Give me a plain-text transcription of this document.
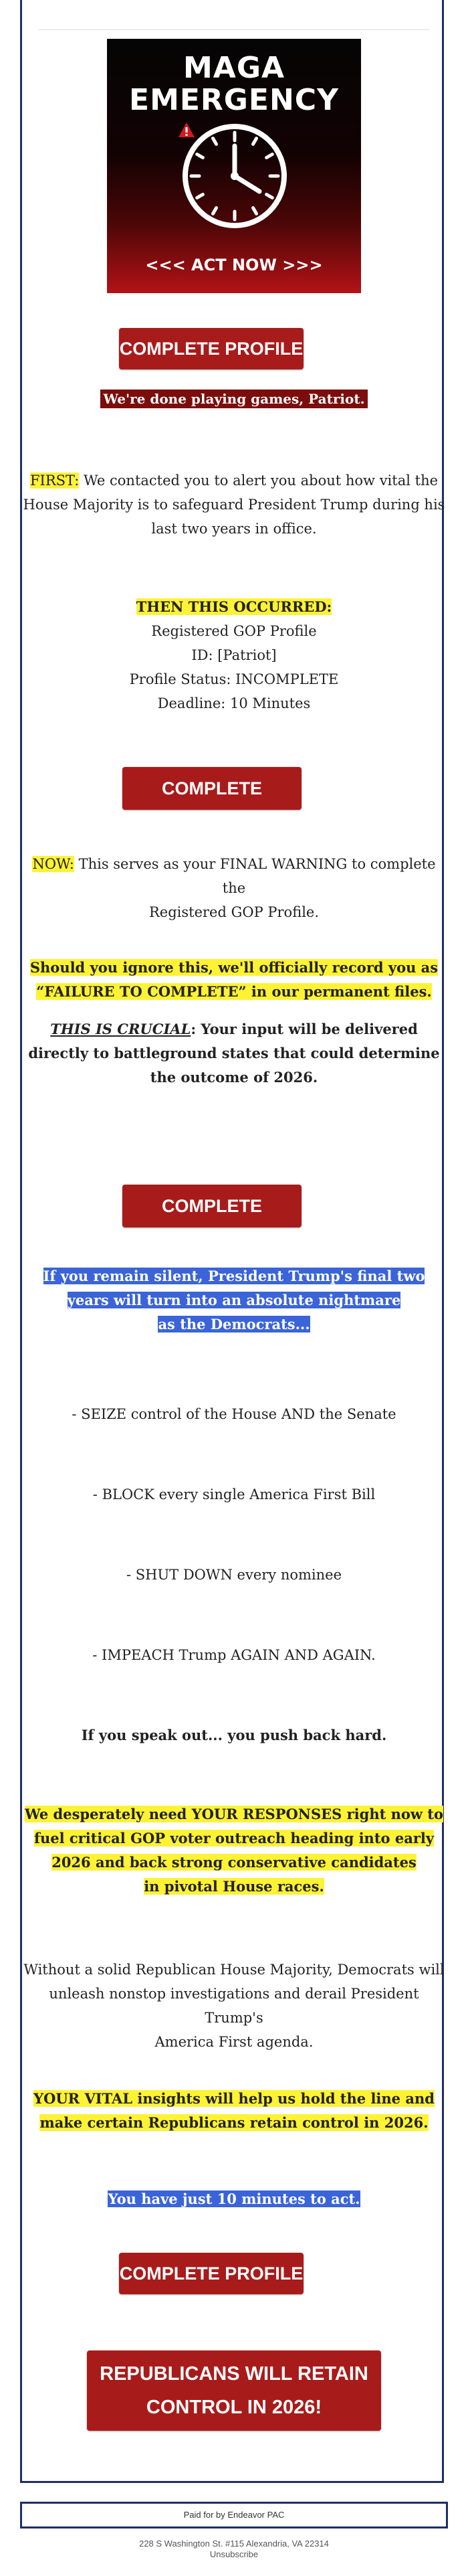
MAGA
EMERGENCY
<<< ACT NOW >>>
COMPLETE PROFILE
We're done playing games, Patriot.
FIRST: We contacted you to alert you about how vital the
House Majority is to safeguard President Trump during his
last two years in office.
THEN THIS OCCURRED:
Registered GOP Profile
ID: [Patriot]
Profile Status: INCOMPLETE
Deadline: 10 Minutes
COMPLETE PROFILE
NOW: This serves as your FINAL WARNING to complete the
Registered GOP Profile.
Should you ignore this, we'll officially record you as
“FAILURE TO COMPLETE” in our permanent files.
THIS IS CRUCIAL: Your input will be delivered
directly to battleground states that could determine
the outcome of 2026.
COMPLETE PROFILE
If you remain silent, President Trump's final two
years will turn into an absolute nightmare
as the Democrats...
- SEIZE control of the House AND the Senate
- BLOCK every single America First Bill
- SHUT DOWN every nominee
- IMPEACH Trump AGAIN AND AGAIN.
If you speak out... you push back hard.
We desperately need YOUR RESPONSES right now to
fuel critical GOP voter outreach heading into early
2026 and back strong conservative candidates
in pivotal House races.
Without a solid Republican House Majority, Democrats will
unleash nonstop investigations and derail President Trump's
America First agenda.
YOUR VITAL insights will help us hold the line and
make certain Republicans retain control in 2026.
You have just 10 minutes to act.
COMPLETE PROFILE
REPUBLICANS WILL RETAIN
CONTROL IN 2026!
Paid for by Endeavor PAC
228 S Washington St. #115 Alexandria, VA 22314
Unsubscribe
